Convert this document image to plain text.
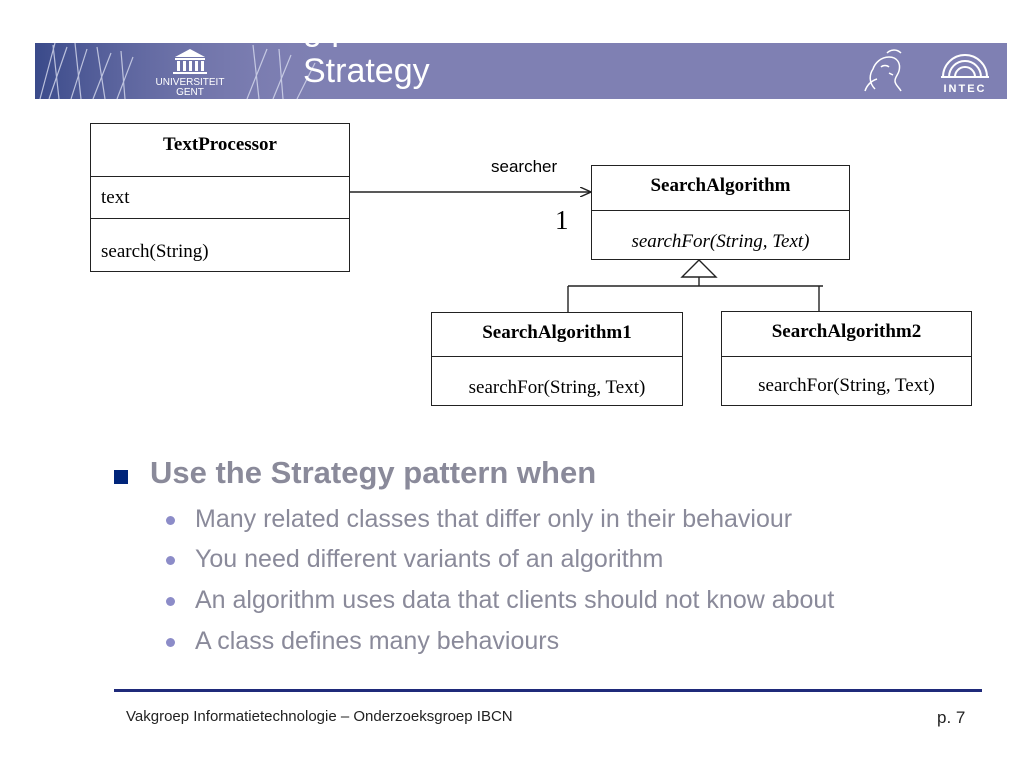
UNIVERSITEIT
GENT
g p
Strategy	INTEC
TextProcessor
text
search(String)
searcher
1
SearchAlgorithm
searchFor(String, Text)
SearchAlgorithm1
searchFor(String, Text)
SearchAlgorithm2
searchFor(String, Text)
Use the Strategy pattern when
Many related classes that differ only in their behaviour
You need different variants of an algorithm
An algorithm uses data that clients should not know about
A class defines many behaviours
Vakgroep Informatietechnologie – Onderzoeksgroep IBCN	p. 7
